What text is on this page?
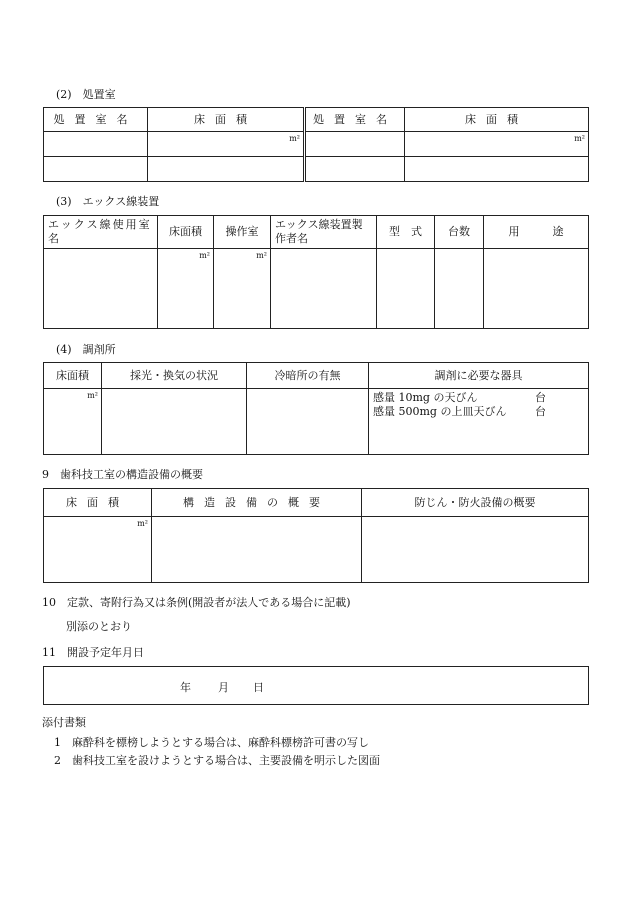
(2)　処置室
処置室名	床面積	処置室名	床面積
	m²		m²

(3)　エックス線装置
エックス線使用室名	床面積	操作室	エックス線装置製作者名	型　式	台数	用　　　途
	m²	m²				
(4)　調剤所
床面積	採光・換気の状況	冷暗所の有無	調剤に必要な器具
m²			感量 10mg の天びん 台
感量 500mg の上皿天びん 台
9　歯科技工室の構造設備の概要
床面積	構造設備の概要	防じん・防火設備の概要
m²		
10　定款、寄附行為又は条例(開設者が法人である場合に記載)
別添のとおり
11　開設予定年月日
年 月 日
添付書類
1　麻酔科を標榜しようとする場合は、麻酔科標榜許可書の写し
2　歯科技工室を設けようとする場合は、主要設備を明示した図面
